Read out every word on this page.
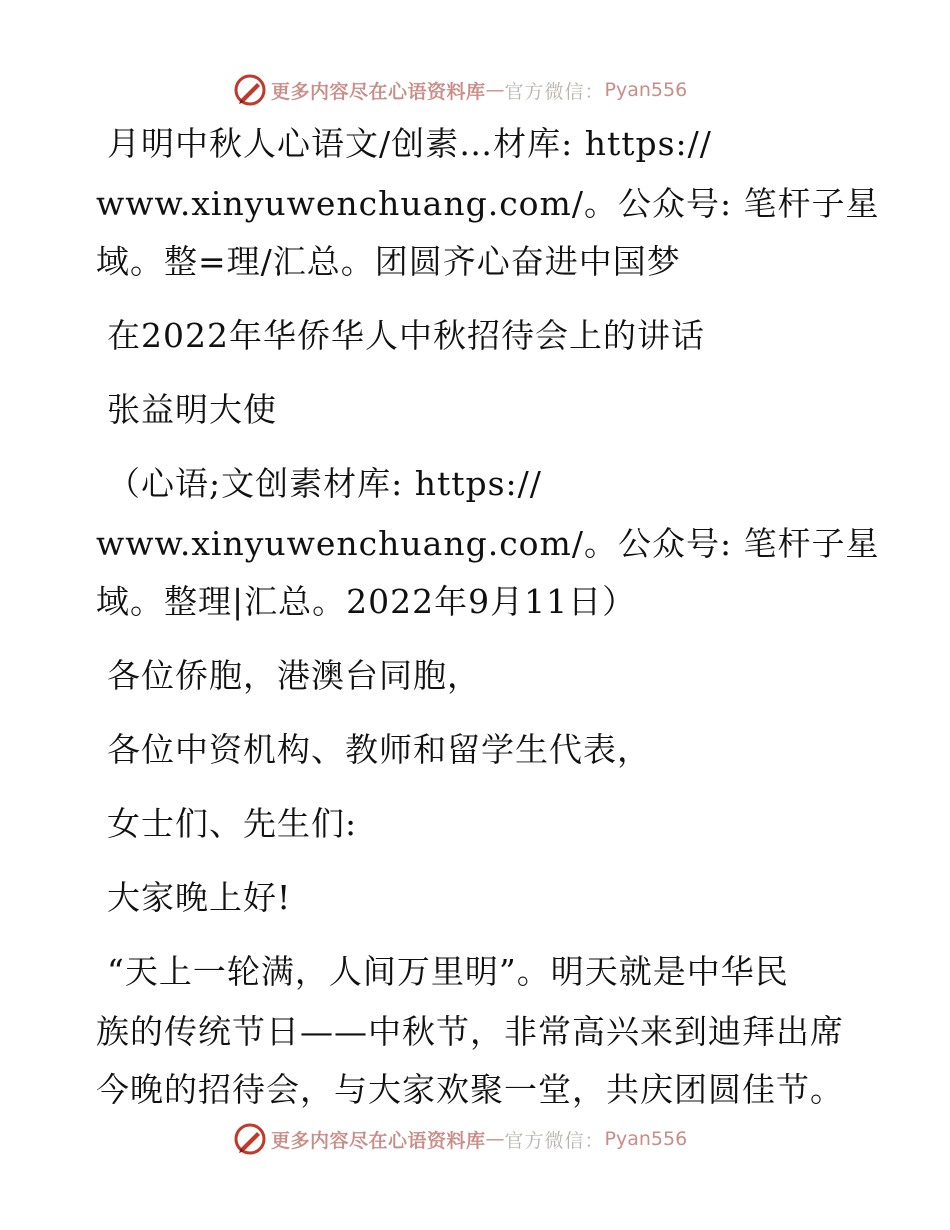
更多内容尽在心语资料库 — 官方微信： Pyan556
月明中秋人心语文/创素…材库: https://
www.xinyuwenchuang.com/。公众号: 笔杆子星
域。整=理/汇总。团圆齐心奋进中国梦
在2022年华侨华人中秋招待会上的讲话
张益明大使
（心语;文创素材库: https://
www.xinyuwenchuang.com/。公众号: 笔杆子星
域。整理|汇总。2022年9月11日）
各位侨胞，港澳台同胞，
各位中资机构、教师和留学生代表，
女士们、先生们:
大家晚上好!
“天上一轮满，人间万里明”。明天就是中华民
族的传统节日——中秋节，非常高兴来到迪拜出席
今晚的招待会，与大家欢聚一堂，共庆团圆佳节。
更多内容尽在心语资料库 — 官方微信： Pyan556
